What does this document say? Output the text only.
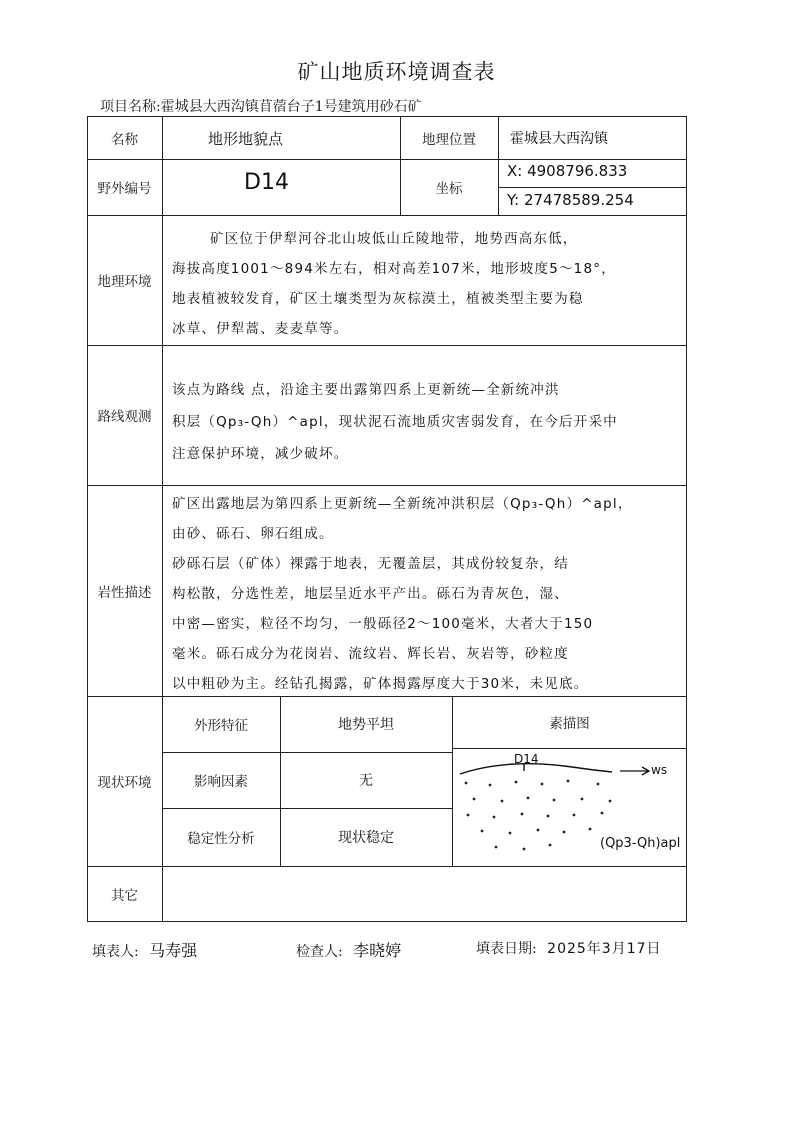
矿山地质环境调查表
项目名称:霍城县大西沟镇苜蓿台子1号建筑用砂石矿
名称	地形地貌点	地理位置	霍城县大西沟镇
野外编号	D14	坐标
X: 4908796.833
Y: 27478589.254
地理环境
矿区位于伊犁河谷北山坡低山丘陵地带，地势西高东低，
海拔高度1001～894米左右，相对高差107米，地形坡度5～18°，
地表植被较发育，矿区土壤类型为灰棕漠土，植被类型主要为稳
冰草、伊犁蒿、麦麦草等。
路线观测
该点为路线 点，沿途主要出露第四系上更新统—全新统冲洪
积层（Qp₃-Qh）^apl，现状泥石流地质灾害弱发育，在今后开采中
注意保护环境，减少破坏。
岩性描述
矿区出露地层为第四系上更新统—全新统冲洪积层（Qp₃-Qh）^apl，
由砂、砾石、卵石组成。
砂砾石层（矿体）裸露于地表，无覆盖层，其成份较复杂，结
构松散，分选性差，地层呈近水平产出。砾石为青灰色，湿、
中密—密实，粒径不均匀，一般砾径2～100毫米，大者大于150
毫米。砾石成分为花岗岩、流纹岩、辉长岩、灰岩等，砂粒度
以中粗砂为主。经钻孔揭露，矿体揭露厚度大于30米，未见底。
现状环境
外形特征	地势平坦	素描图
影响因素	无
稳定性分析	现状稳定
D14
ws
(Qp3-Qh)apl
其它
填表人: 马寿强	检查人: 李晓婷	填表日期: 2025年3月17日
